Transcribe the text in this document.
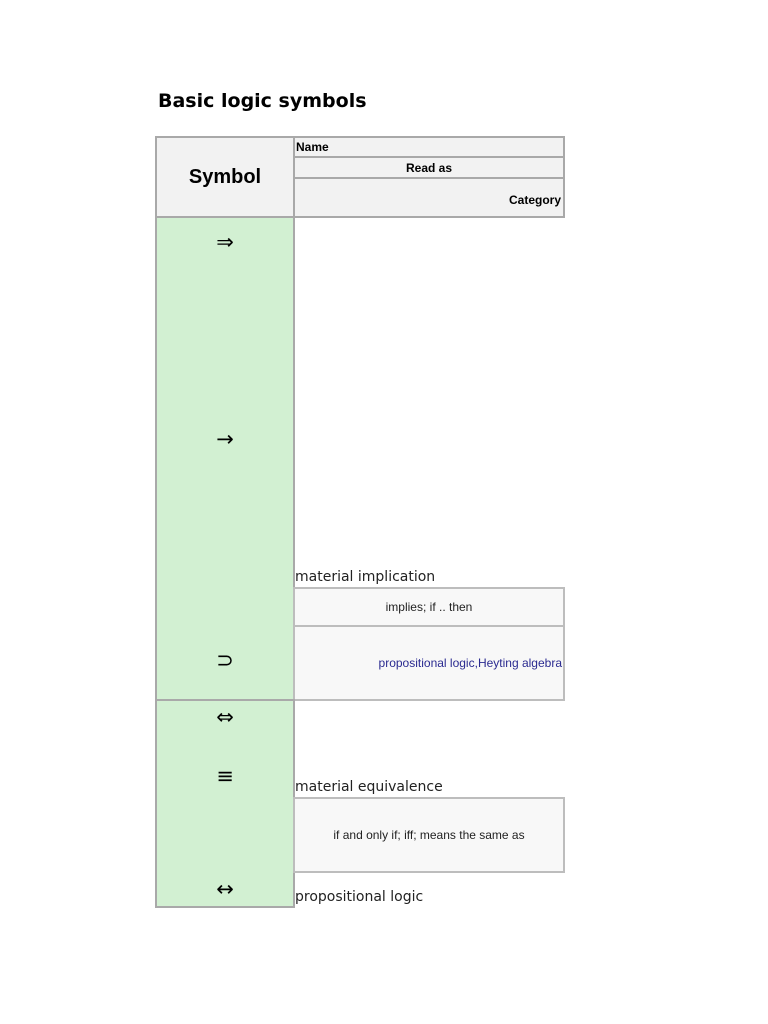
Basic logic symbols
Symbol
Name
Read as
Category
⇒
→
⊃
material implication
implies; if .. then
propositional logic , Heyting algebra
⇔
≡
↔
material equivalence
if and only if; iff; means the same as
propositional logic
